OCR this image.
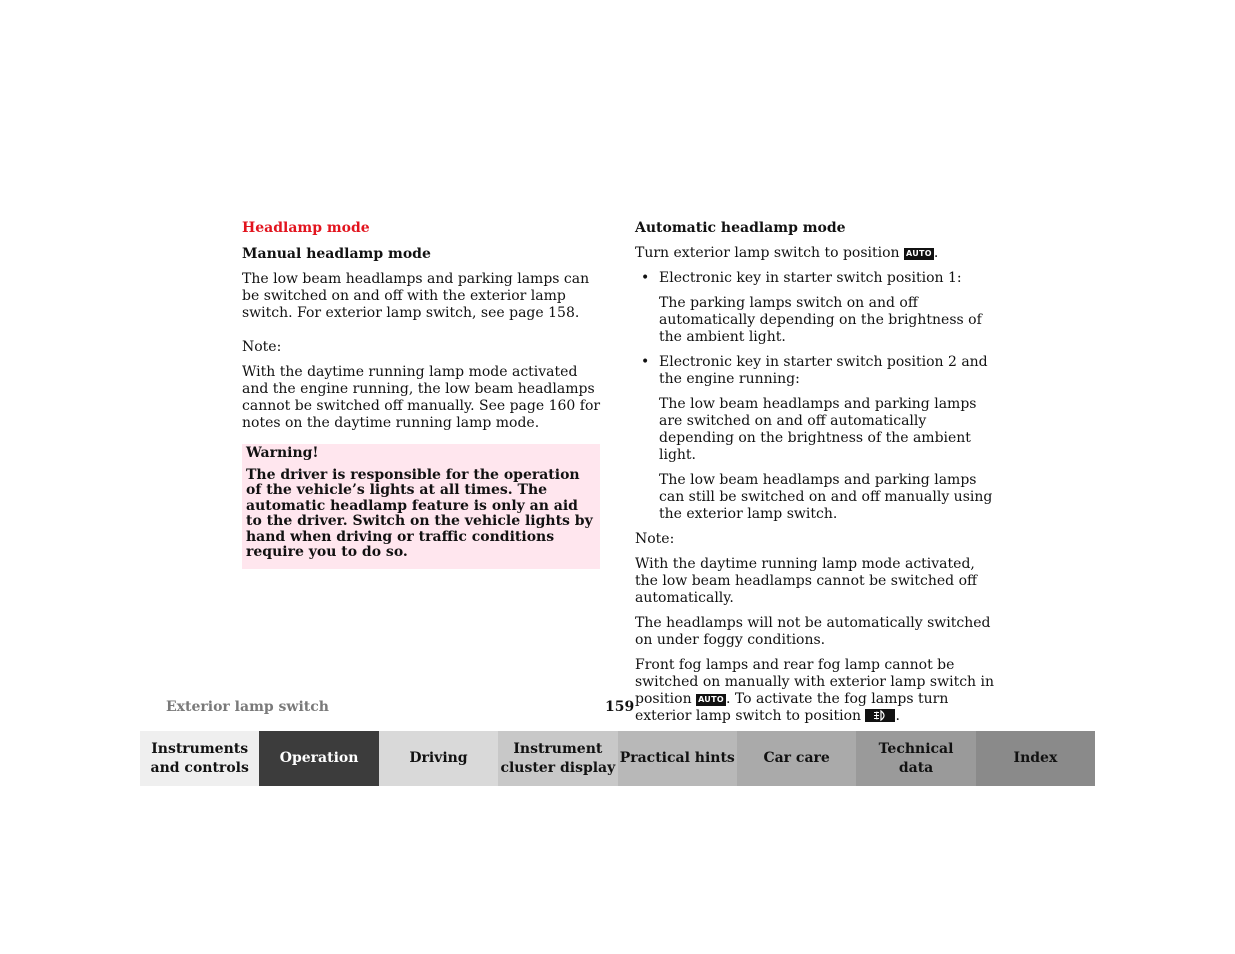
Headlamp mode
Manual headlamp mode

The low beam headlamps and parking lamps can be switched on and off with the exterior lamp switch. For exterior lamp switch, see page 158.

Note:

With the daytime running lamp mode activated and the engine running, the low beam headlamps cannot be switched off manually. See page 160 for notes on the daytime running lamp mode.

Warning!
The driver is responsible for the operation of the vehicle’s lights at all times. The automatic headlamp feature is only an aid to the driver. Switch on the vehicle lights by hand when driving or traffic conditions require you to do so.
Automatic headlamp mode

Turn exterior lamp switch to position AUTO .

• Electronic key in starter switch position 1:

The parking lamps switch on and off automatically depending on the brightness of the ambient light.

• Electronic key in starter switch position 2 and the engine running:

The low beam headlamps and parking lamps are switched on and off automatically depending on the brightness of the ambient light.

The low beam headlamps and parking lamps can still be switched on and off manually using the exterior lamp switch.

Note:

With the daytime running lamp mode activated, the low beam headlamps cannot be switched off automatically.

The headlamps will not be automatically switched on under foggy conditions.

Front fog lamps and rear fog lamp cannot be switched on manually with exterior lamp switch in position AUTO . To activate the fog lamps turn exterior lamp switch to position .

Exterior lamp switch	159
Instruments
and controls
Operation	Driving
Instrument
cluster display
Practical hints	Car care
Technical
data
Index
